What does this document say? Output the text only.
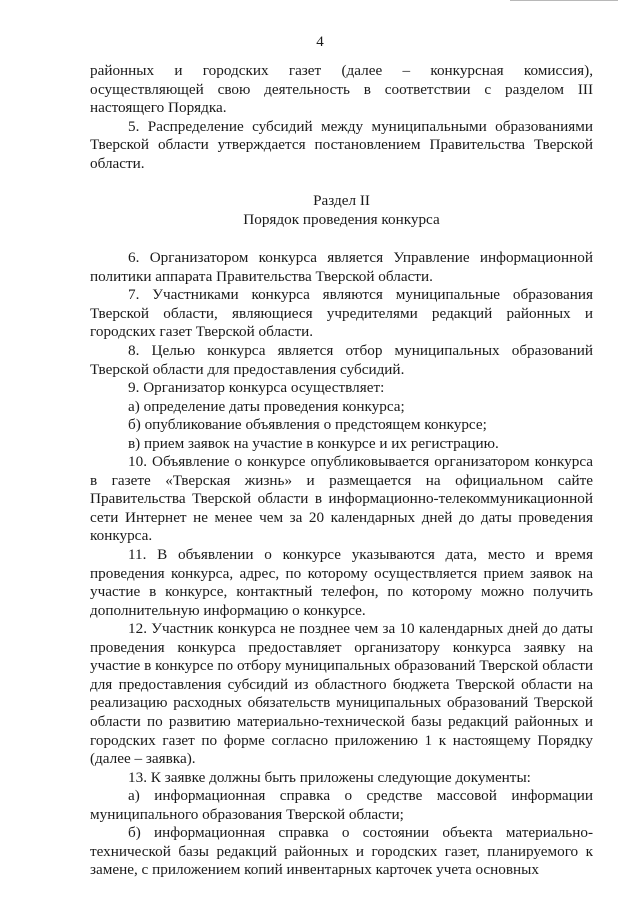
4

районных и городских газет (далее – конкурсная комиссия), осуществляющей свою деятельность в соответствии с разделом III настоящего Порядка.

5. Распределение субсидий между муниципальными образованиями Тверской области утверждается постановлением Правительства Тверской области.

Раздел II

Порядок проведения конкурса

6. Организатором конкурса является Управление информационной политики аппарата Правительства Тверской области.

7. Участниками конкурса являются муниципальные образования Тверской области, являющиеся учредителями редакций районных и городских газет Тверской области.

8. Целью конкурса является отбор муниципальных образований Тверской области для предоставления субсидий.

9. Организатор конкурса осуществляет:

а) определение даты проведения конкурса;

б) опубликование объявления о предстоящем конкурсе;

в) прием заявок на участие в конкурсе и их регистрацию.

10. Объявление о конкурсе опубликовывается организатором конкурса в газете «Тверская жизнь» и размещается на официальном сайте Правительства Тверской области в информационно-телекоммуникационной сети Интернет не менее чем за 20 календарных дней до даты проведения конкурса.

11. В объявлении о конкурсе указываются дата, место и время проведения конкурса, адрес, по которому осуществляется прием заявок на участие в конкурсе, контактный телефон, по которому можно получить дополнительную информацию о конкурсе.

12. Участник конкурса не позднее чем за 10 календарных дней до даты проведения конкурса предоставляет организатору конкурса заявку на участие в конкурсе по отбору муниципальных образований Тверской области для предоставления субсидий из областного бюджета Тверской области на реализацию расходных обязательств муниципальных образований Тверской области по развитию материально-технической базы редакций районных и городских газет по форме согласно приложению 1 к настоящему Порядку (далее – заявка).

13. К заявке должны быть приложены следующие документы:

а) информационная справка о средстве массовой информации муниципального образования Тверской области;

б) информационная справка о состоянии объекта материально-технической базы редакций районных и городских газет, планируемого к замене, с приложением копий инвентарных карточек учета основных
